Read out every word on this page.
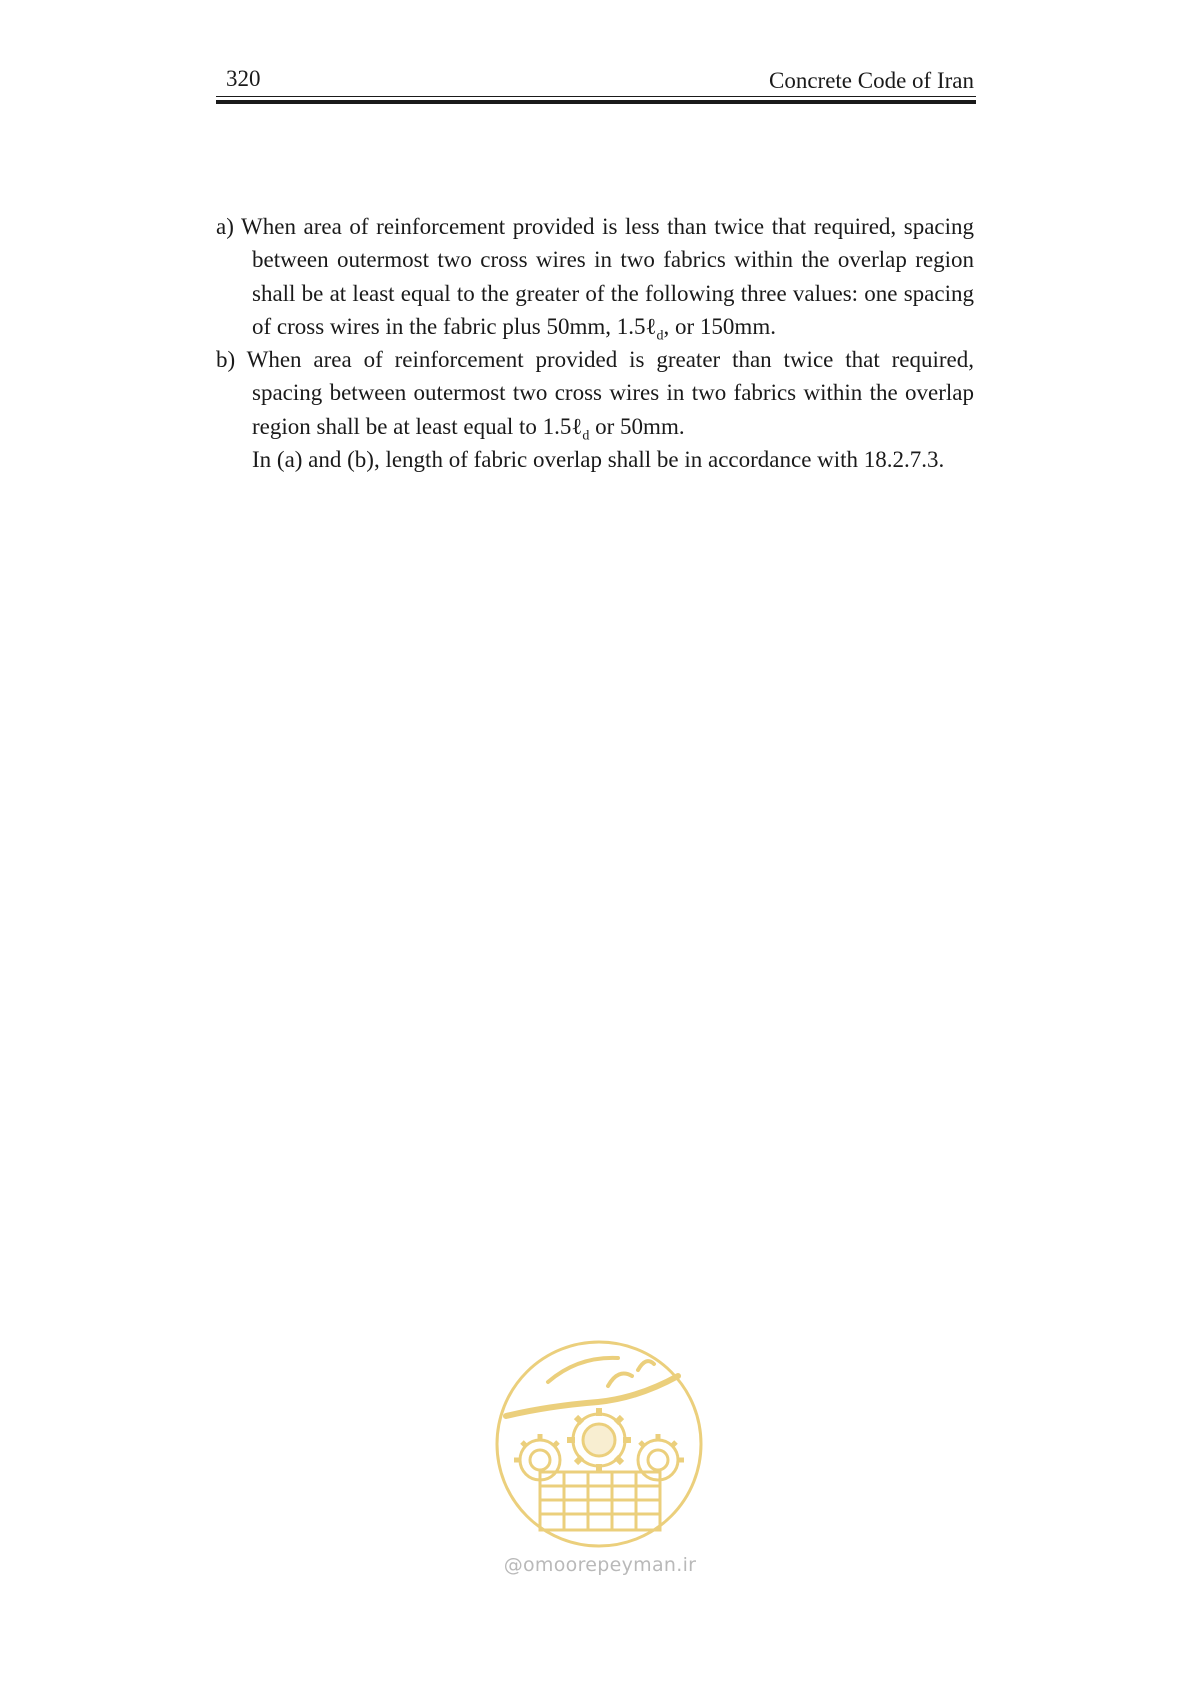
320	Concrete Code of Iran

a) When area of reinforcement provided is less than twice that required, spacing between outermost two cross wires in two fabrics within the overlap region shall be at least equal to the greater of the following three values: one spacing of cross wires in the fabric plus 50mm, 1.5ℓ$_d$, or 150mm.

b) When area of reinforcement provided is greater than twice that required, spacing between outermost two cross wires in two fabrics within the overlap region shall be at least equal to 1.5ℓ$_d$ or 50mm.

In (a) and (b), length of fabric overlap shall be in accordance with 18.2.7.3.

@omoorepeyman.ir
